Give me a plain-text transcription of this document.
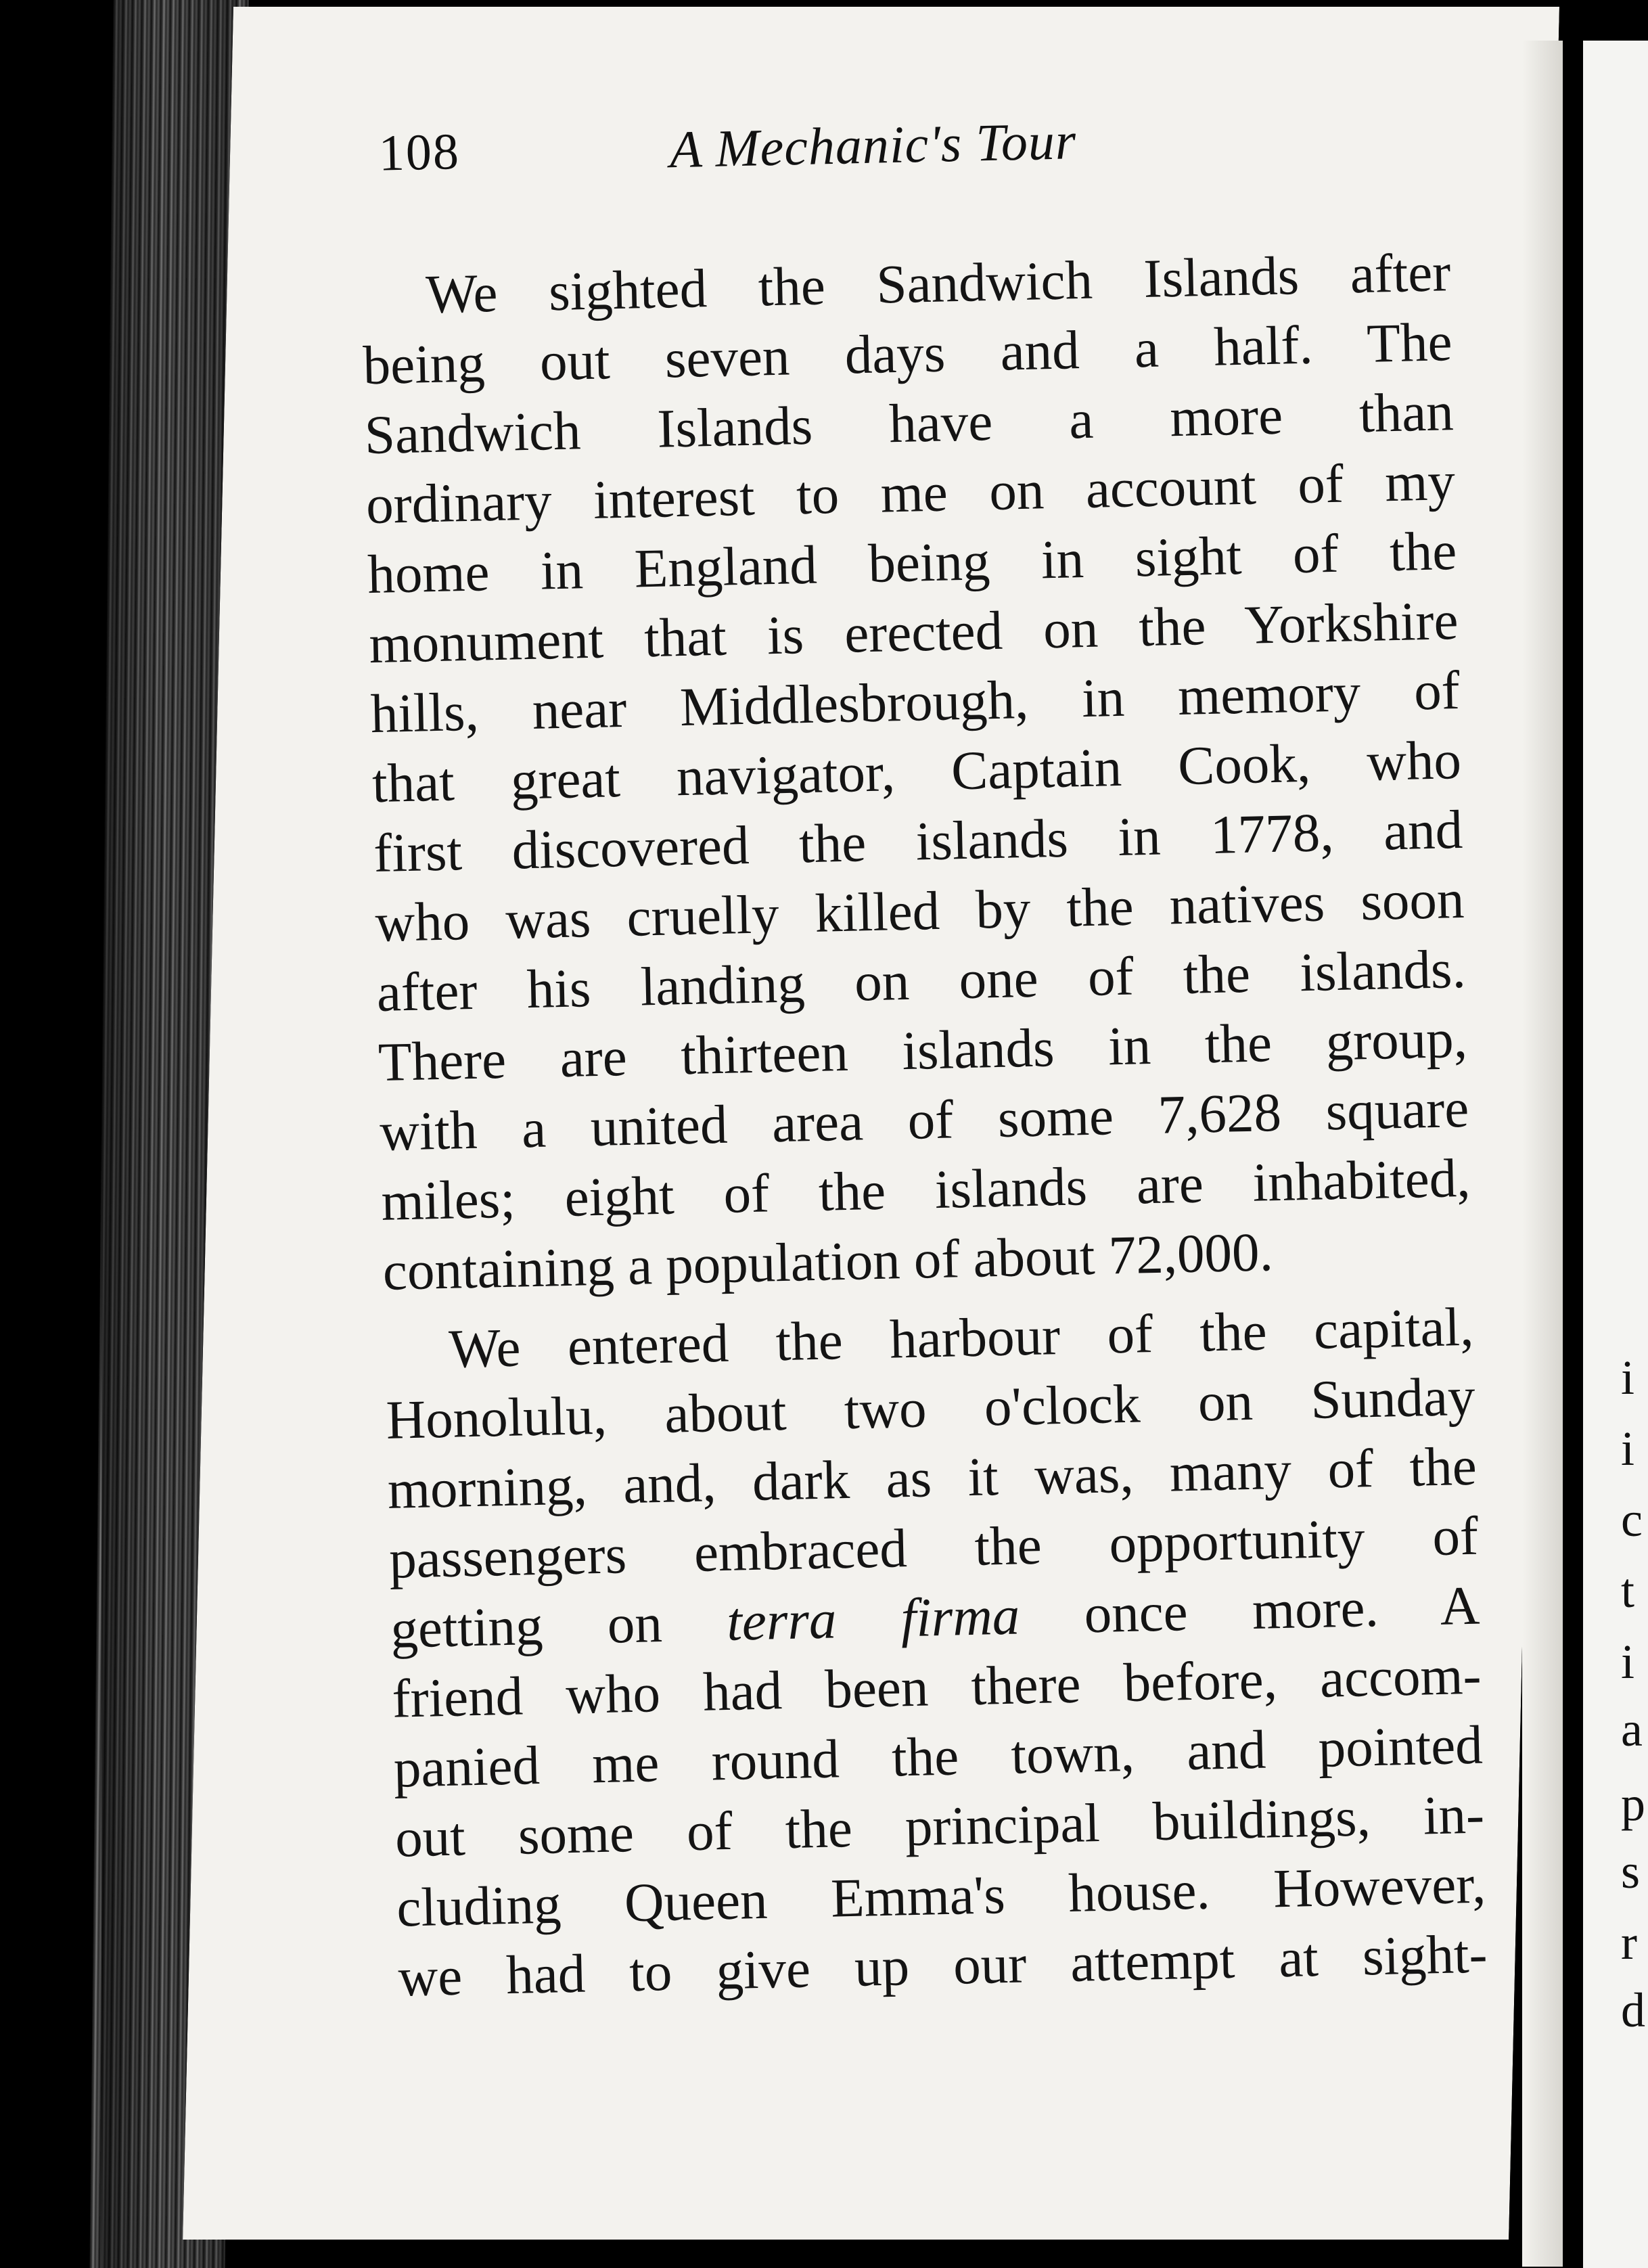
i
i
c
t
i
a
p
s
r
d
108	A Mechanic's Tour
We sighted the Sandwich Islands after
being out seven days and a half. The
Sandwich Islands have a more than
ordinary interest to me on account of my
home in England being in sight of the
monument that is erected on the Yorkshire
hills, near Middlesbrough, in memory of
that great navigator, Captain Cook, who
first discovered the islands in 1778, and
who was cruelly killed by the natives soon
after his landing on one of the islands.
There are thirteen islands in the group,
with a united area of some 7,628 square
miles; eight of the islands are inhabited,
containing a population of about 72,000.
We entered the harbour of the capital,
Honolulu, about two o'clock on Sunday
morning, and, dark as it was, many of the
passengers embraced the opportunity of
getting on terra firma once more. A
friend who had been there before, accom-
panied me round the town, and pointed
out some of the principal buildings, in-
cluding Queen Emma's house. However,
we had to give up our attempt at sight-
